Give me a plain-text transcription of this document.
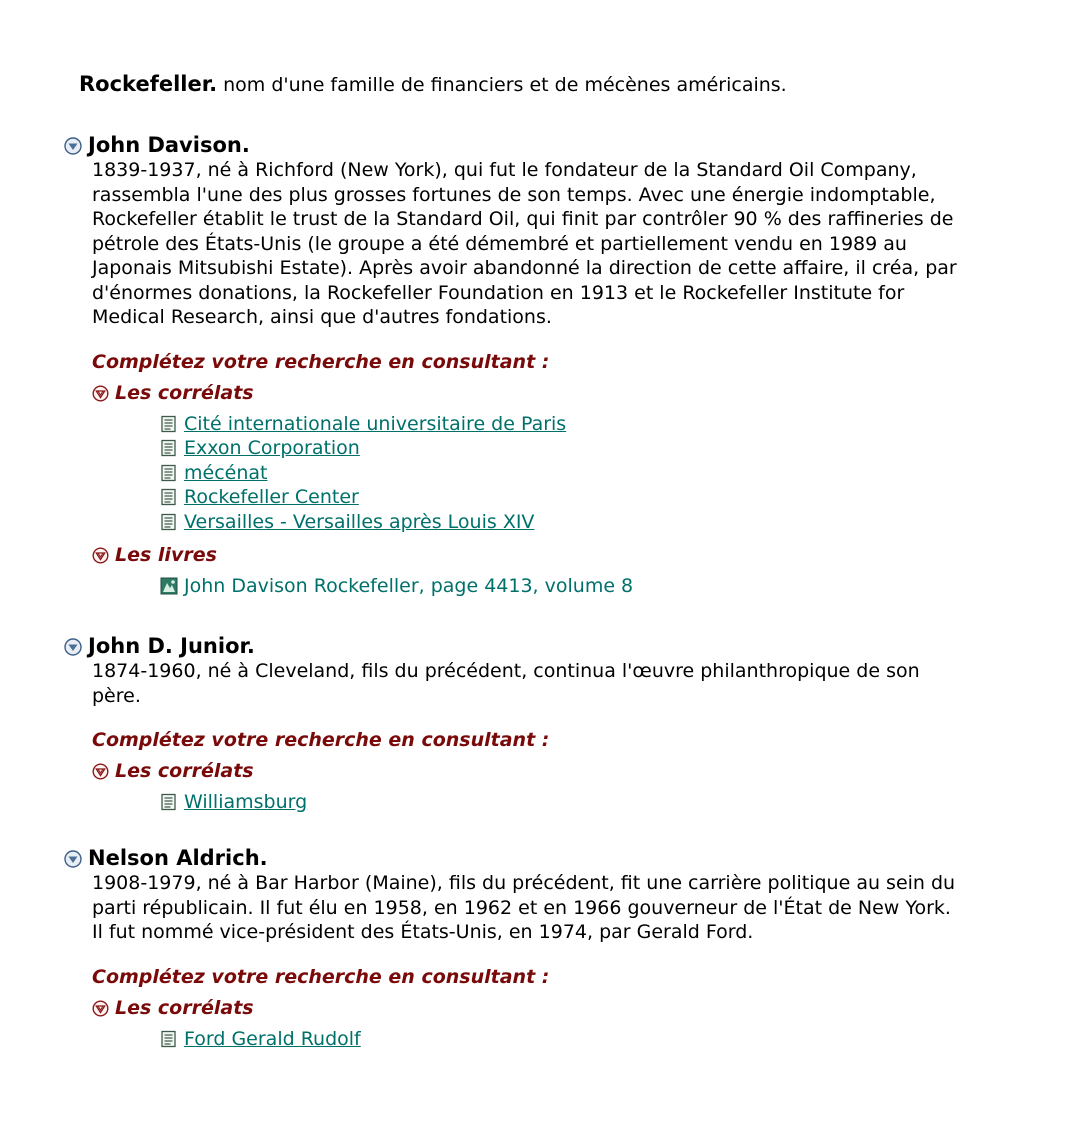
Rockefeller. nom d'une famille de financiers et de mécènes américains.
John Davison.
1839-1937, né à Richford (New York), qui fut le fondateur de la Standard Oil Company,
rassembla l'une des plus grosses fortunes de son temps. Avec une énergie indomptable,
Rockefeller établit le trust de la Standard Oil, qui finit par contrôler 90 % des raffineries de
pétrole des États-Unis (le groupe a été démembré et partiellement vendu en 1989 au
Japonais Mitsubishi Estate). Après avoir abandonné la direction de cette affaire, il créa, par
d'énormes donations, la Rockefeller Foundation en 1913 et le Rockefeller Institute for
Medical Research, ainsi que d'autres fondations.
Complétez votre recherche en consultant :
Les corrélats
Cité internationale universitaire de Paris
Exxon Corporation
mécénat
Rockefeller Center
Versailles - Versailles après Louis XIV
Les livres
John Davison Rockefeller, page 4413, volume 8
John D. Junior.
1874-1960, né à Cleveland, fils du précédent, continua l'œuvre philanthropique de son
père.
Complétez votre recherche en consultant :
Les corrélats
Williamsburg
Nelson Aldrich.
1908-1979, né à Bar Harbor (Maine), fils du précédent, fit une carrière politique au sein du
parti républicain. Il fut élu en 1958, en 1962 et en 1966 gouverneur de l'État de New York.
Il fut nommé vice-président des États-Unis, en 1974, par Gerald Ford.
Complétez votre recherche en consultant :
Les corrélats
Ford Gerald Rudolf
